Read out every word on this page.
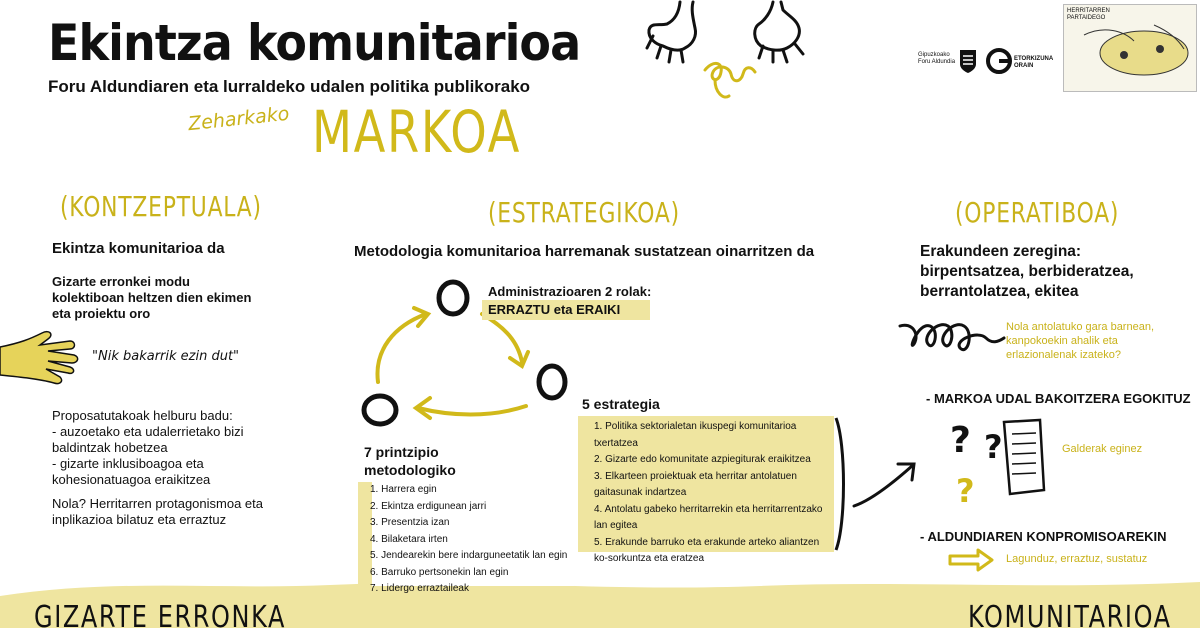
Ekintza komunitarioa
Foru Aldundiaren eta lurraldeko udalen politika publikorako
Zeharkako MARKOA
Gipuzkoako
Foru Aldundia	ETORKIZUNA
ORAIN
HERRITARREN PARTAIDEGO
(KONTZEPTUALA)
Ekintza komunitarioa da
Gizarte erronkei modu kolektiboan heltzen dien ekimen eta proiektu oro
"Nik bakarrik ezin dut"
Proposatutakoak helburu badu:
- auzoetako eta udalerrietako bizi baldintzak hobetzea
- gizarte inklusiboagoa eta kohesionatuagoa eraikitzea
Nola? Herritarren protagonismoa eta inplikazioa bilatuz eta erraztuz
(ESTRATEGIKOA)
Metodologia komunitarioa harremanak sustatzean oinarritzen da
Administrazioaren 2 rolak:
ERRAZTU eta ERAIKI
7 printzipio metodologiko
1. Harrera egin
2. Ekintza erdigunean jarri
3. Presentzia izan
4. Bilaketara irten
5. Jendearekin bere indarguneetatik lan egin
6. Barruko pertsonekin lan egin
7. Lidergo erraztaileak
5 estrategia
1. Politika sektorialetan ikuspegi komunitarioa txertatzea
2. Gizarte edo komunitate azpiegiturak eraikitzea
3. Elkarteen proiektuak eta herritar antolatuen gaitasunak indartzea
4. Antolatu gabeko herritarrekin eta herritarrentzako lan egitea
5. Erakunde barruko eta erakunde arteko aliantzen ko-sorkuntza eta eratzea
(OPERATIBOA)
Erakundeen zeregina:
birpentsatzea, berbideratzea,
berrantolatzea, ekitea
Nola antolatuko gara barnean, kanpokoekin ahalik eta erlazionalenak izateko?
- MARKOA UDAL BAKOITZERA EGOKITUZ
? ?
?
Galderak eginez
- ALDUNDIAREN KONPROMISOAREKIN
Lagunduz, erraztuz, sustatuz
GIZARTE ERRONKA	KOMUNITARIOA
